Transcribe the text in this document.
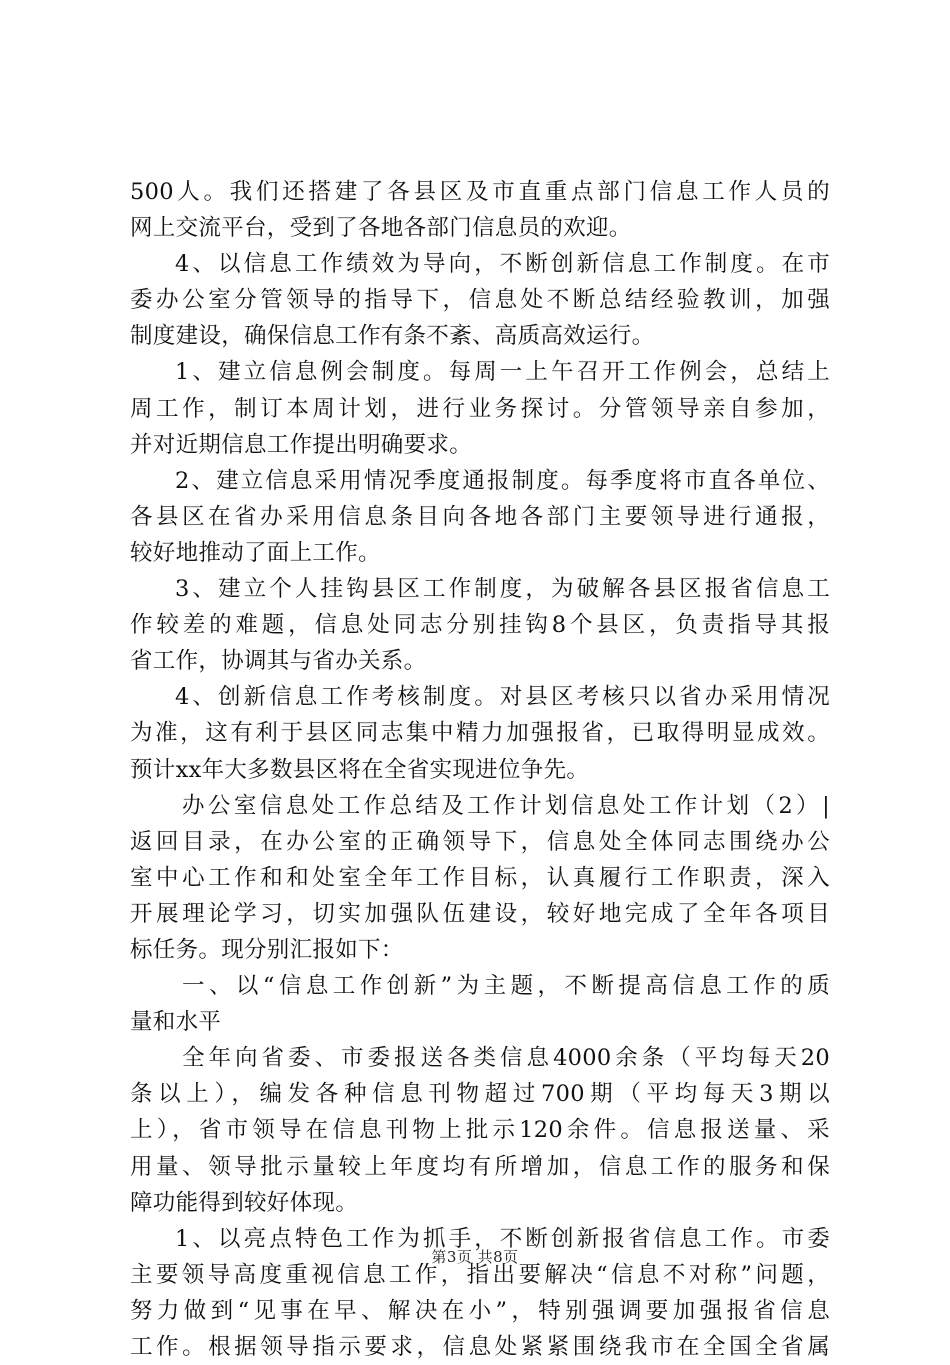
500人。我们还搭建了各县区及市直重点部门信息工作人员的
网上交流平台，受到了各地各部门信息员的欢迎。
4、以信息工作绩效为导向，不断创新信息工作制度。在市
委办公室分管领导的指导下，信息处不断总结经验教训，加强
制度建设，确保信息工作有条不紊、高质高效运行。
1、建立信息例会制度。每周一上午召开工作例会，总结上
周工作，制订本周计划，进行业务探讨。分管领导亲自参加，
并对近期信息工作提出明确要求。
2、建立信息采用情况季度通报制度。每季度将市直各单位、
各县区在省办采用信息条目向各地各部门主要领导进行通报，
较好地推动了面上工作。
3、建立个人挂钩县区工作制度，为破解各县区报省信息工
作较差的难题，信息处同志分别挂钩8个县区，负责指导其报
省工作，协调其与省办关系。
4、创新信息工作考核制度。对县区考核只以省办采用情况
为准，这有利于县区同志集中精力加强报省，已取得明显成效。
预计xx年大多数县区将在全省实现进位争先。
办公室信息处工作总结及工作计划信息处工作计划（2）|
返回目录，在办公室的正确领导下，信息处全体同志围绕办公
室中心工作和和处室全年工作目标，认真履行工作职责，深入
开展理论学习，切实加强队伍建设，较好地完成了全年各项目
标任务。现分别汇报如下：
一、以“信息工作创新”为主题，不断提高信息工作的质
量和水平
全年向省委、市委报送各类信息4000余条（平均每天20
条以上），编发各种信息刊物超过700期（平均每天3期以
上），省市领导在信息刊物上批示120余件。信息报送量、采
用量、领导批示量较上年度均有所增加，信息工作的服务和保
障功能得到较好体现。
1、以亮点特色工作为抓手，不断创新报省信息工作。市委
主要领导高度重视信息工作，指出要解决“信息不对称”问题，
努力做到“见事在早、解决在小”，特别强调要加强报省信息
工作。根据领导指示要求，信息处紧紧围绕我市在全国全省属
第3页 共8页
